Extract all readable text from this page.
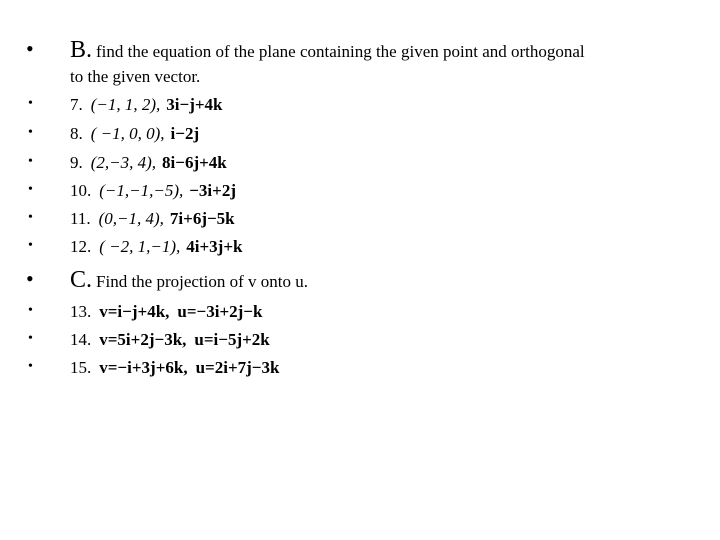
• B. find the equation of the plane containing the given point and orthogonal
to the given vector.
• 7. (−1, 1, 2), 3i−j+4k
• 8. ( −1, 0, 0), i−2j
• 9. (2,−3, 4), 8i−6j+4k
• 10. (−1,−1,−5), −3i+2j
• 11. (0,−1, 4), 7i+6j−5k
• 12. ( −2, 1,−1), 4i+3j+k
• C. Find the projection of v onto u.
• 13. v=i−j+4k, u=−3i+2j−k
• 14. v=5i+2j−3k, u=i−5j+2k
• 15. v=−i+3j+6k, u=2i+7j−3k
